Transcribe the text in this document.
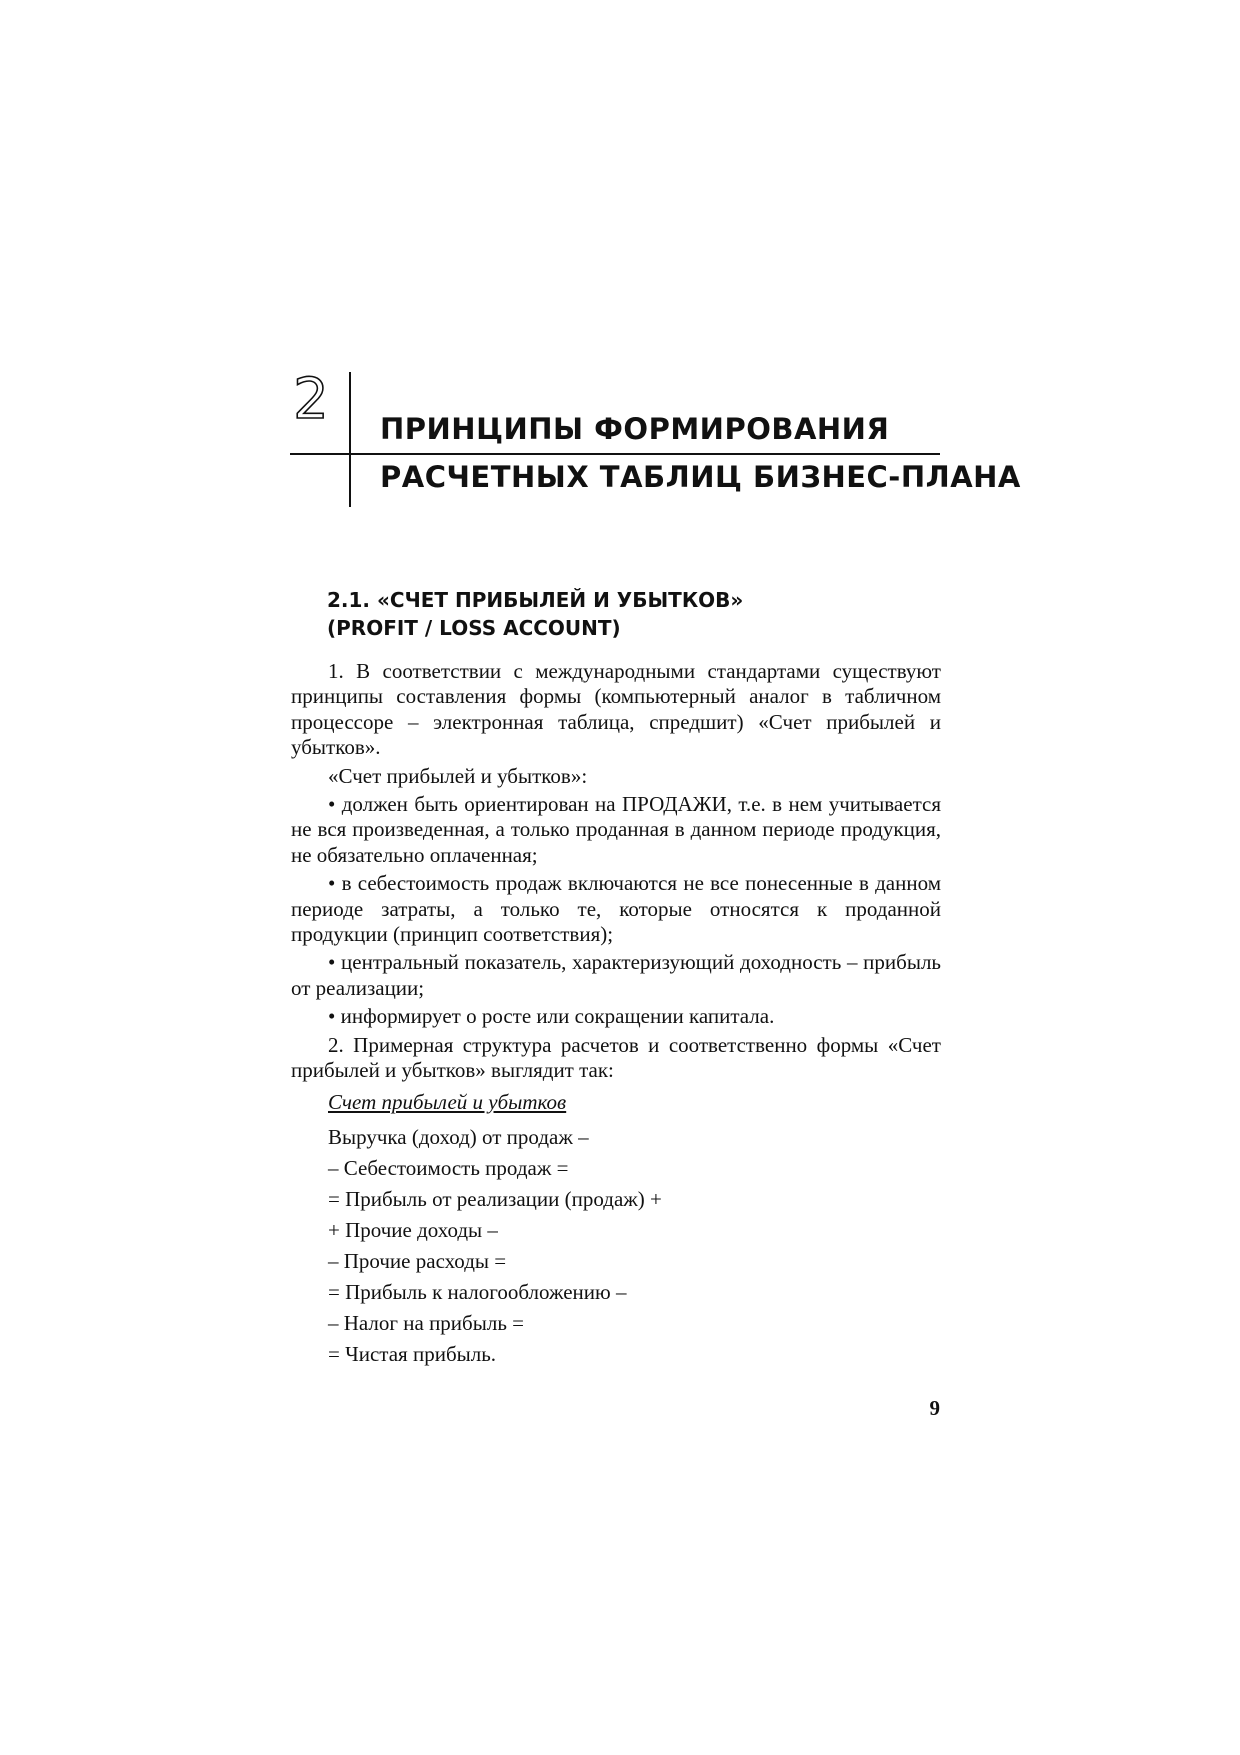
2 ПРИНЦИПЫ ФОРМИРОВАНИЯ
РАСЧЕТНЫХ ТАБЛИЦ БИЗНЕС-ПЛАНА
2.1. «СЧЕТ ПРИБЫЛЕЙ И УБЫТКОВ»
(PROFIT / LOSS ACCOUNT)

1. В соответствии с международными стандартами существуют принципы составления формы (компьютерный аналог в табличном процессоре – электронная таблица, спредшит) «Счет прибылей и убытков».

«Счет прибылей и убытков»:

• должен быть ориентирован на ПРОДАЖИ, т.е. в нем учитывается не вся произведенная, а только проданная в данном периоде продукция, не обязательно оплаченная;

• в себестоимость продаж включаются не все понесенные в данном периоде затраты, а только те, которые относятся к проданной продукции (принцип соответствия);

• центральный показатель, характеризующий доходность – прибыль от реализации;

• информирует о росте или сокращении капитала.

2. Примерная структура расчетов и соответственно формы «Счет прибылей и убытков» выглядит так:

Счет прибылей и убытков
Выручка (доход) от продаж –
– Себестоимость продаж =
= Прибыль от реализации (продаж) +
+ Прочие доходы –
– Прочие расходы =
= Прибыль к налогообложению –
– Налог на прибыль =
= Чистая прибыль.
9
